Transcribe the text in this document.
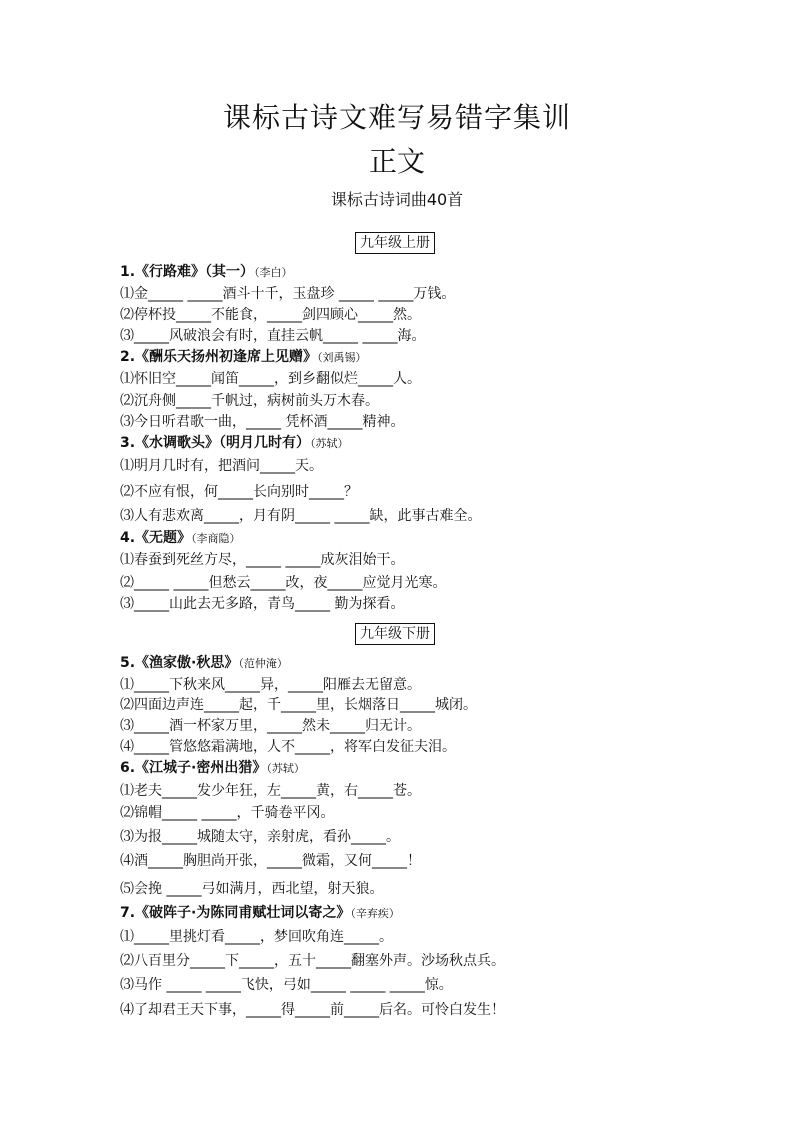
课标古诗文难写易错字集训
正文
课标古诗词曲40首
九年级上册
1.《行路难》（其一）（李白）
⑴金_____ _____酒斗十千，玉盘珍 _____ _____万钱。
⑵停杯投_____不能食，_____剑四顾心_____然。
⑶_____风破浪会有时，直挂云帆_____ _____海。
2.《酬乐天扬州初逢席上见赠》（刘禹锡）
⑴怀旧空_____闻笛_____，到乡翻似烂_____人。
⑵沉舟侧_____千帆过，病树前头万木春。
⑶今日听君歌一曲，_____ 凭杯酒_____精神。
3.《水调歌头》（明月几时有）（苏轼）
⑴明月几时有，把酒问_____天。
⑵不应有恨，何_____长向别时_____？
⑶人有悲欢离_____，月有阴_____ _____缺，此事古难全。
4.《无题》（李商隐）
⑴春蚕到死丝方尽，_____ _____成灰泪始干。
⑵_____ _____但愁云_____改，夜_____应觉月光寒。
⑶_____山此去无多路，青鸟_____ 勤为探看。
九年级下册
5.《渔家傲·秋思》（范仲淹）
⑴_____下秋来风_____异，_____阳雁去无留意。
⑵四面边声连_____起，千_____里，长烟落日_____城闭。
⑶_____酒一杯家万里，_____然未_____归无计。
⑷_____管悠悠霜满地，人不_____，将军白发征夫泪。
6.《江城子·密州出猎》（苏轼）
⑴老夫_____发少年狂，左_____黄，右_____苍。
⑵锦帽_____ _____，千骑卷平冈。
⑶为报_____城随太守，亲射虎，看孙_____。
⑷酒_____胸胆尚开张，_____微霜，又何_____！
⑸会挽 _____弓如满月，西北望，射天狼。
7.《破阵子·为陈同甫赋壮词以寄之》（辛弃疾）
⑴_____里挑灯看_____，梦回吹角连_____。
⑵八百里分_____下_____，五十_____翻塞外声。沙场秋点兵。
⑶马作 _____ _____飞快，弓如_____ _____ _____惊。
⑷了却君王天下事，_____得_____前_____后名。可怜白发生！
